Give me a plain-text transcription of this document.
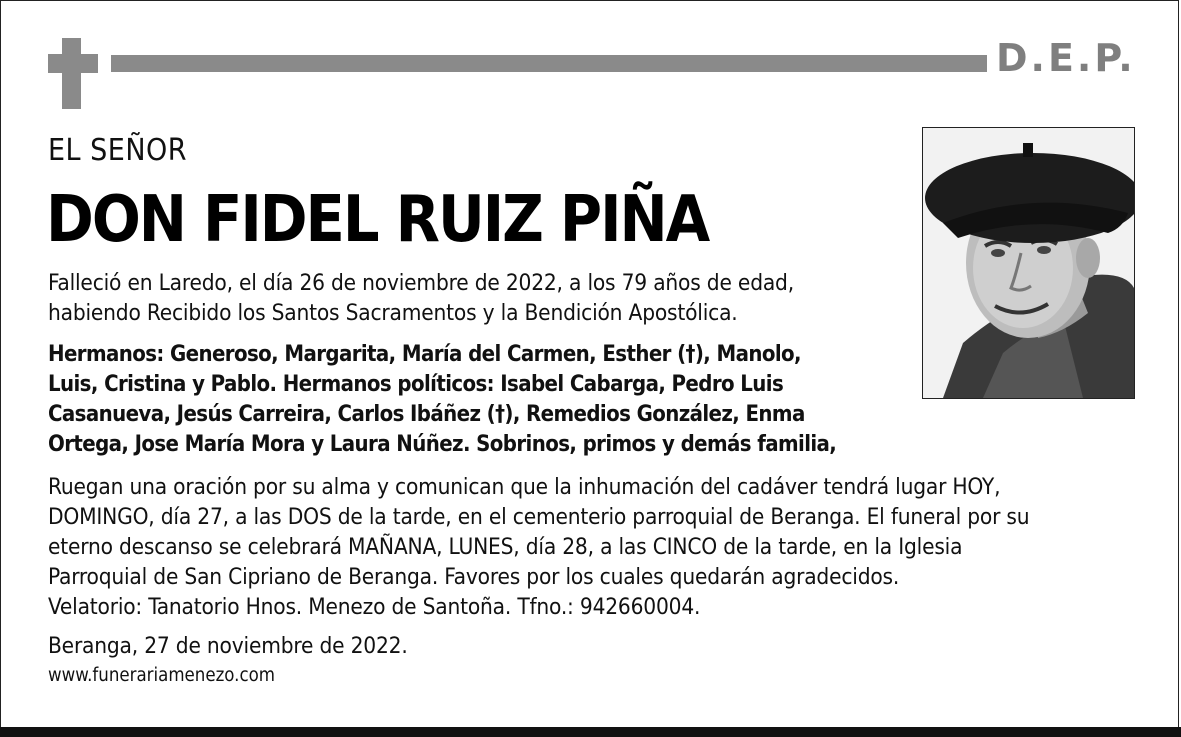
D.E.P.
EL SEÑOR
DON FIDEL RUIZ PIÑA
Falleció en Laredo, el día 26 de noviembre de 2022, a los 79 años de edad,
habiendo Recibido los Santos Sacramentos y la Bendición Apostólica.
Hermanos: Generoso, Margarita, María del Carmen, Esther (†), Manolo,
Luis, Cristina y Pablo. Hermanos políticos: Isabel Cabarga, Pedro Luis
Casanueva, Jesús Carreira, Carlos Ibáñez (†), Remedios González, Enma
Ortega, Jose María Mora y Laura Núñez. Sobrinos, primos y demás familia,
Ruegan una oración por su alma y comunican que la inhumación del cadáver tendrá lugar HOY,
DOMINGO, día 27, a las DOS de la tarde, en el cementerio parroquial de Beranga. El funeral por su
eterno descanso se celebrará MAÑANA, LUNES, día 28, a las CINCO de la tarde, en la Iglesia
Parroquial de San Cipriano de Beranga. Favores por los cuales quedarán agradecidos.
Velatorio: Tanatorio Hnos. Menezo de Santoña. Tfno.: 942660004.
Beranga, 27 de noviembre de 2022.
www.funerariamenezo.com
